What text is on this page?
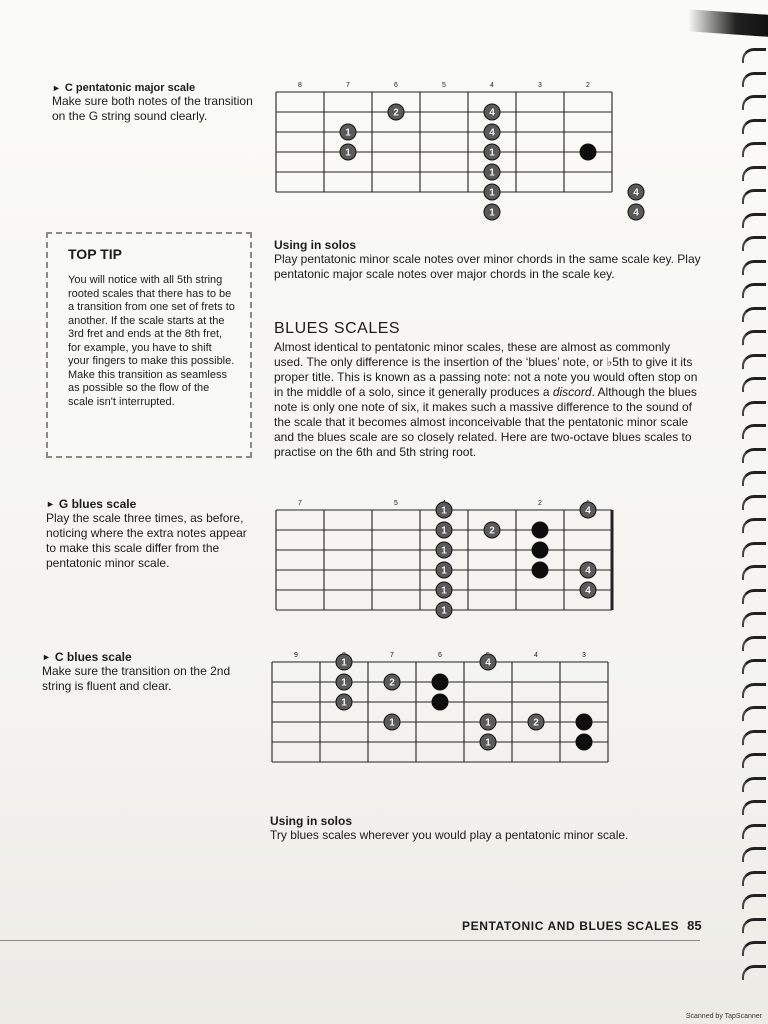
► C pentatonic major scale
Make sure both notes of the transition on the G string sound clearly.
8	7	6	5	4	3	2
4
2
4
1
1
1
1
4
1
4
1
TOP TIP
You will notice with all 5th string rooted scales that there has to be a transition from one set of frets to another. If the scale starts at the 3rd fret and ends at the 8th fret, for example, you have to shift your fingers to make this possible. Make this transition as seamless as possible so the flow of the scale isn't interrupted.
Using in solos
Play pentatonic minor scale notes over minor chords in the same scale key. Play pentatonic major scale notes over major chords in the scale key.
BLUES SCALES
Almost identical to pentatonic minor scales, these are almost as commonly used. The only difference is the insertion of the ‘blues’ note, or ♭5th to give it its proper title. This is known as a passing note: not a note you would often stop on in the middle of a solo, since it generally produces a discord. Although the blues note is only one note of six, it makes such a massive difference to the sound of the scale that it becomes almost inconceivable that the pentatonic minor scale and the blues scale are so closely related. Here are two-octave blues scales to practise on the 6th and 5th string root.
► G blues scale
Play the scale three times, as before, noticing where the extra notes appear to make this scale differ from the pentatonic minor scale.
7	5	2
4
1
2
1
1
4
1
4
1
1
► C blues scale
Make sure the transition on the 2nd string is fluent and clear.
9	7	6	4	3
4
1
2
1
1
2
1
1
1
Using in solos
Try blues scales wherever you would play a pentatonic minor scale.
PENTATONIC AND BLUES SCALES 85
Scanned by TapScanner
